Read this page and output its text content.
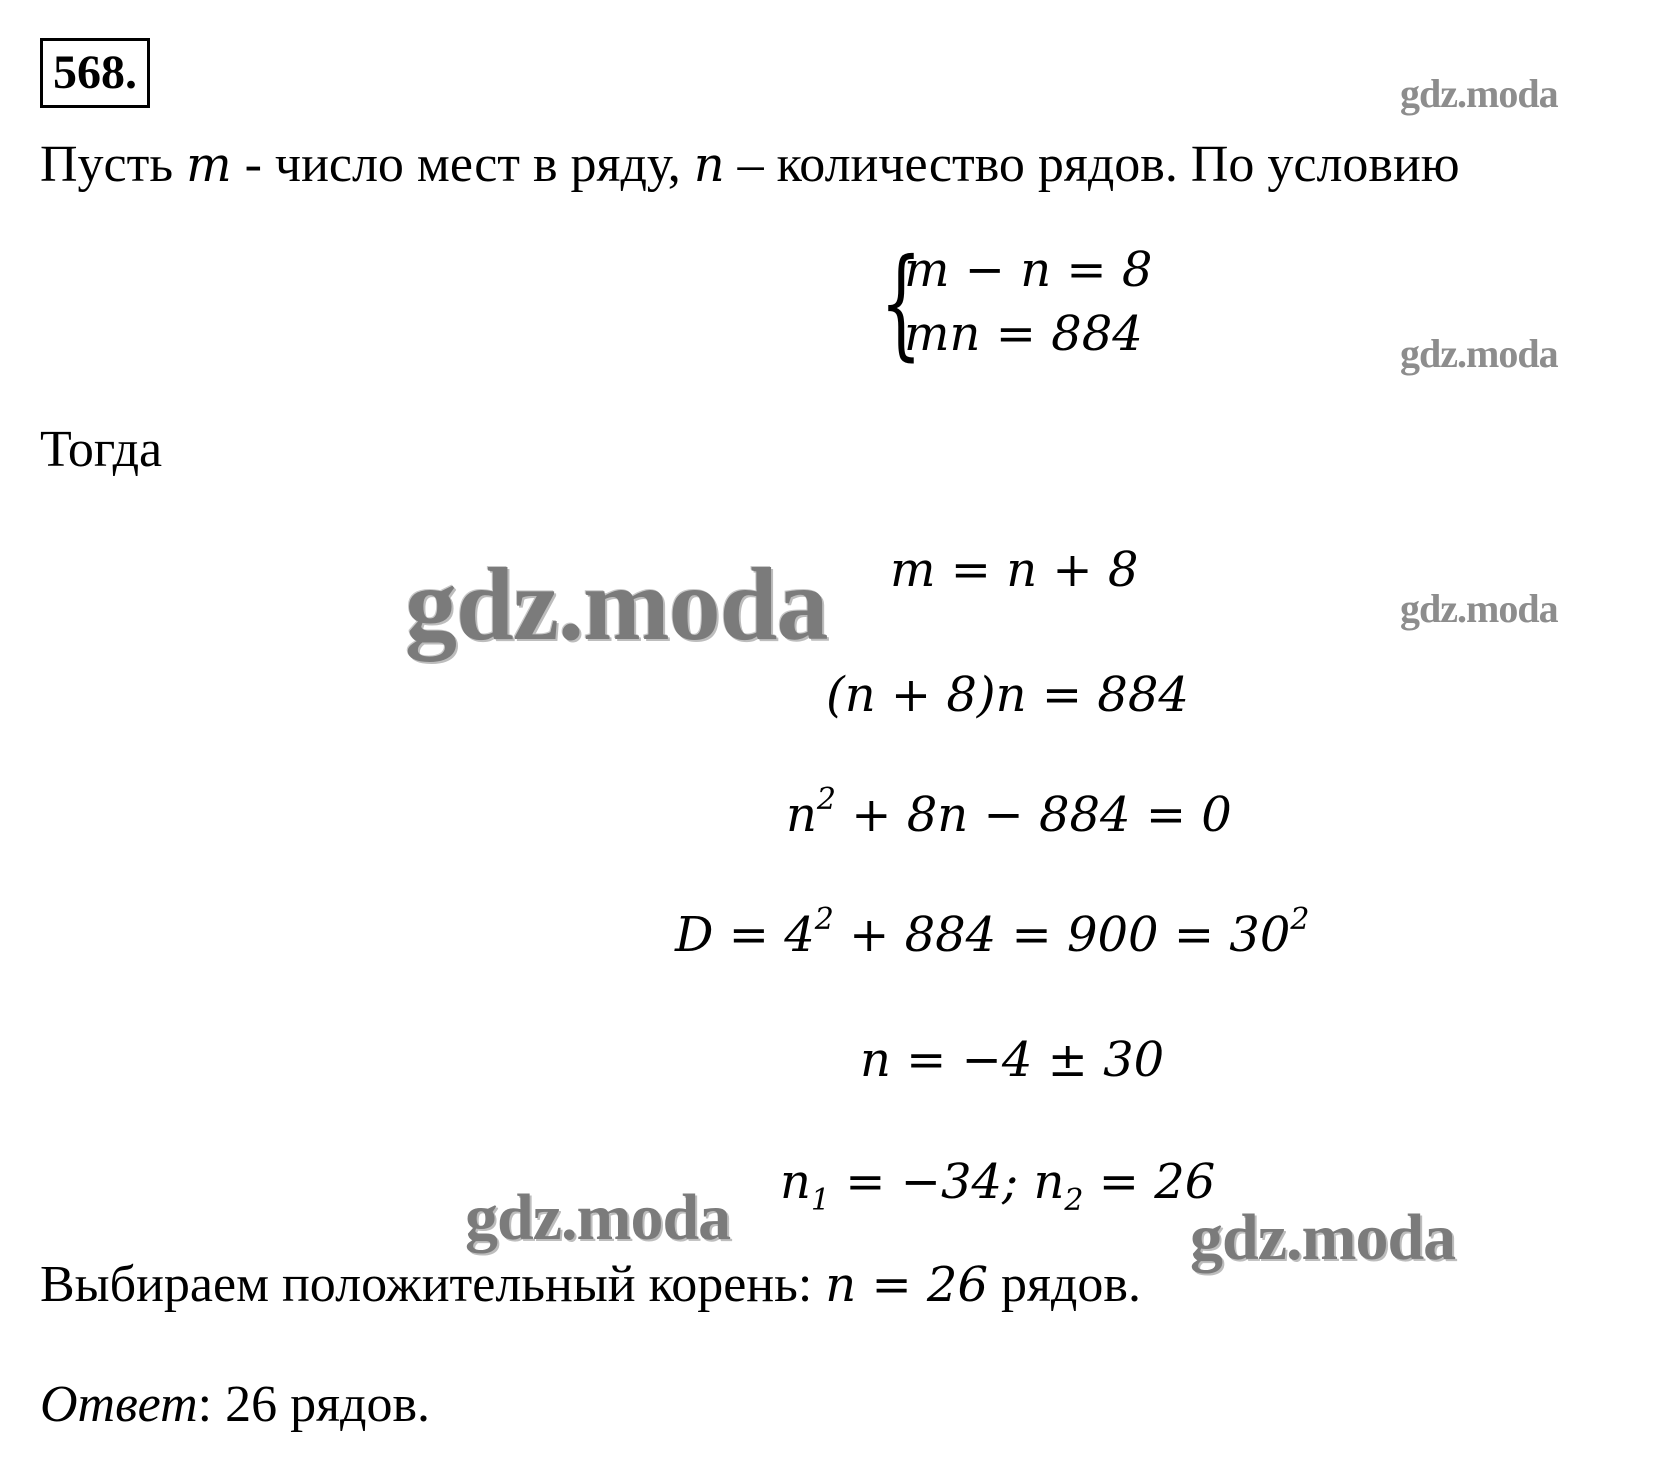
568.	gdz.moda
Пусть m - число мест в ряду, n – количество рядов. По условию
{
m − n = 8
mn = 884	gdz.moda
Тогда
gdz.moda	gdz.moda
m = n + 8
(n + 8)n = 884
$n^2 + 8n - 884 = 0$
$D = 4^2 + 884 = 900 = 30^2$
n = −4 ± 30
gdz.moda $n_1 = -34$; $n_2 = 26$
gdz.moda
Выбираем положительный корень: n = 26 рядов.
Ответ: 26 рядов.
